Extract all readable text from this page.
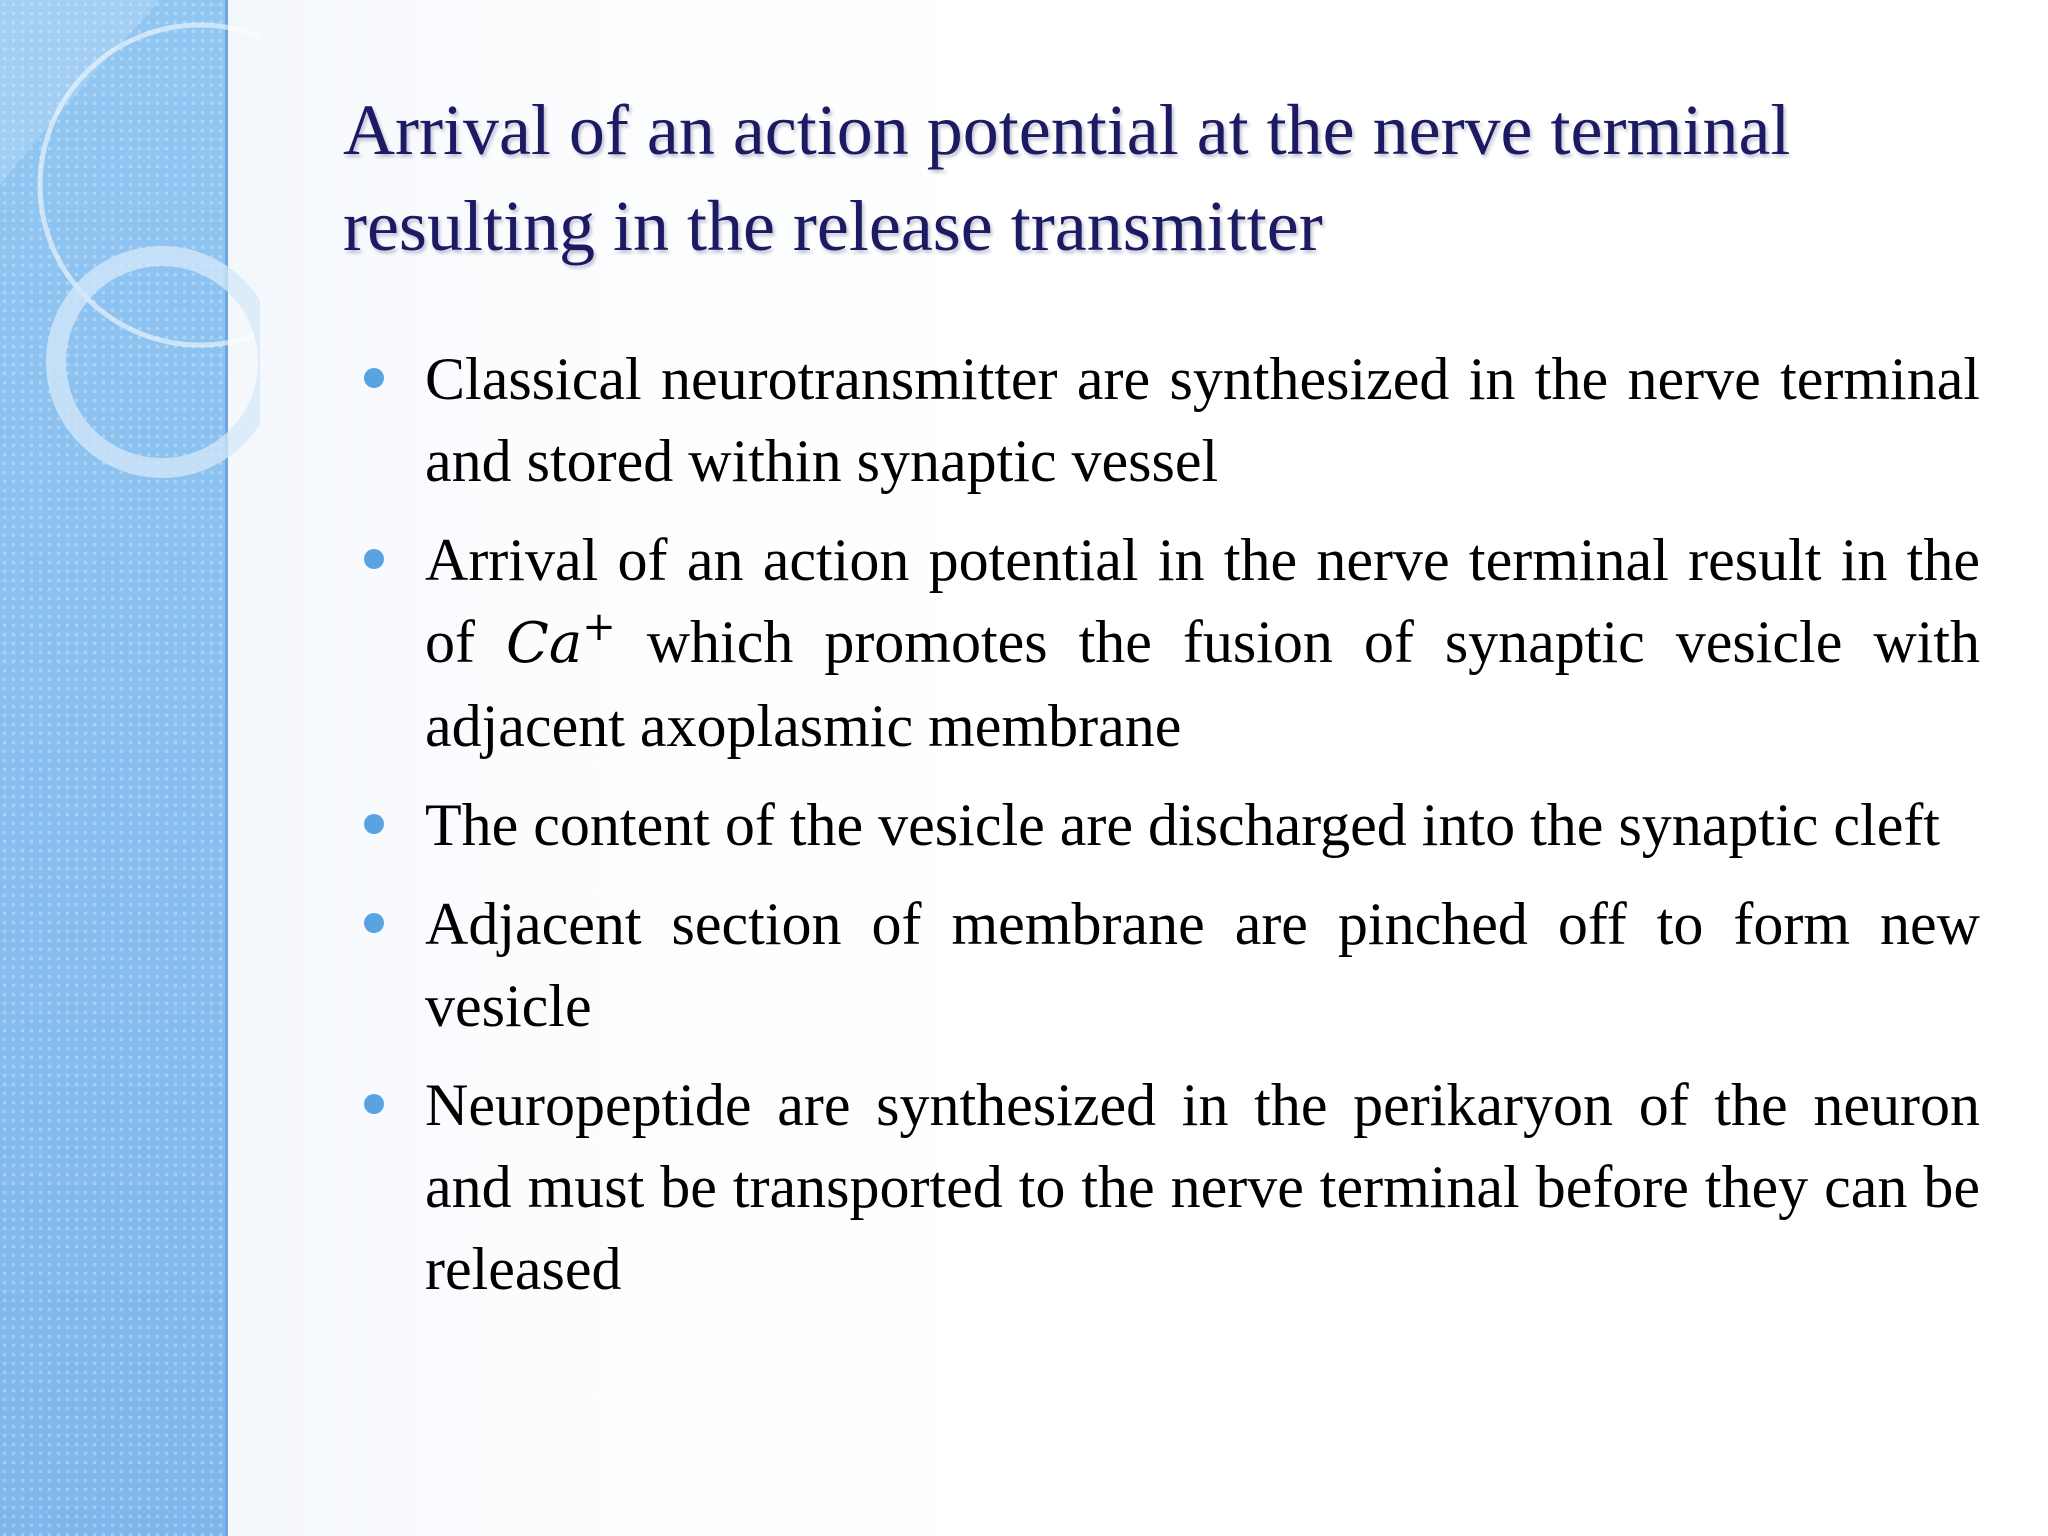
Arrival of an action potential at the nerve terminal resulting in the release transmitter
Classical neurotransmitter are synthesized in the nerve terminal and stored within synaptic vessel
Arrival of an action potential in the nerve terminal result in the of Ca+ which promotes the fusion of synaptic vesicle with adjacent axoplasmic membrane
The content of the vesicle are discharged into the synaptic cleft
Adjacent section of membrane are pinched off to form new vesicle
Neuropeptide are synthesized in the perikaryon of the neuron and must be transported to the nerve terminal before they can be released
